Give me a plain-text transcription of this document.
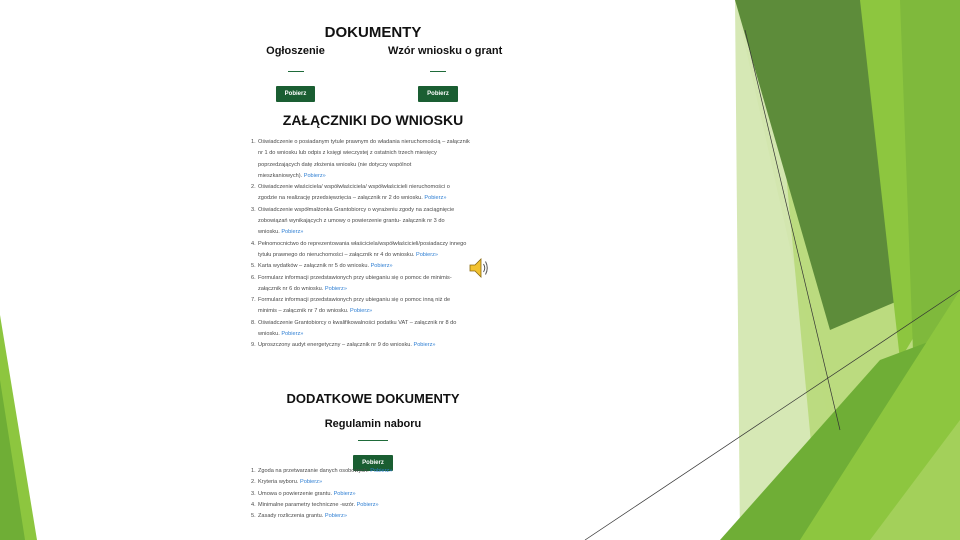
DOKUMENTY
Ogłoszenie
Pobierz
Wzór wniosku o grant
Pobierz
ZAŁĄCZNIKI DO WNIOSKU
1. Oświadczenie o posiadanym tytule prawnym do władania nieruchomością – załącznik
nr 1 do wniosku lub odpis z księgi wieczystej z ostatnich trzech miesięcy
poprzedzających datę złożenia wniosku (nie dotyczy wspólnot
mieszkaniowych). Pobierz»
2. Oświadczenie właściciela/ współwłaściciela/ współwłaścicieli nieruchomości o
zgodzie na realizację przedsięwzięcia – załącznik nr 2 do wniosku. Pobierz»
3. Oświadczenie współmałżonka Grantobiorcy o wyrażeniu zgody na zaciągnięcie
zobowiązań wynikających z umowy o powierzenie grantu- załącznik nr 3 do
wniosku. Pobierz»
4. Pełnomocnictwo do reprezentowania właściciela/współwłaścicieli/posiadaczy innego
tytułu prawnego do nieruchomości – załącznik nr 4 do wniosku. Pobierz»
5. Karta wydatków – załącznik nr 5 do wniosku. Pobierz»
6. Formularz informacji przedstawionych przy ubieganiu się o pomoc de minimis-
załącznik nr 6 do wniosku. Pobierz»
7. Formularz informacji przedstawionych przy ubieganiu się o pomoc inną niż de
minimis – załącznik nr 7 do wniosku. Pobierz»
8. Oświadczenie Grantobiorcy o kwalifikowalności podatku VAT – załącznik nr 8 do
wniosku. Pobierz»
9. Uproszczony audyt energetyczny – załącznik nr 9 do wniosku. Pobierz»
DODATKOWE DOKUMENTY
Regulamin naboru
Pobierz
1. Zgoda na przetwarzanie danych osobowych. Pobierz»
2. Kryteria wyboru. Pobierz»
3. Umowa o powierzenie grantu. Pobierz»
4. Minimalne parametry techniczne -wzór. Pobierz»
5. Zasady rozliczenia grantu. Pobierz»
